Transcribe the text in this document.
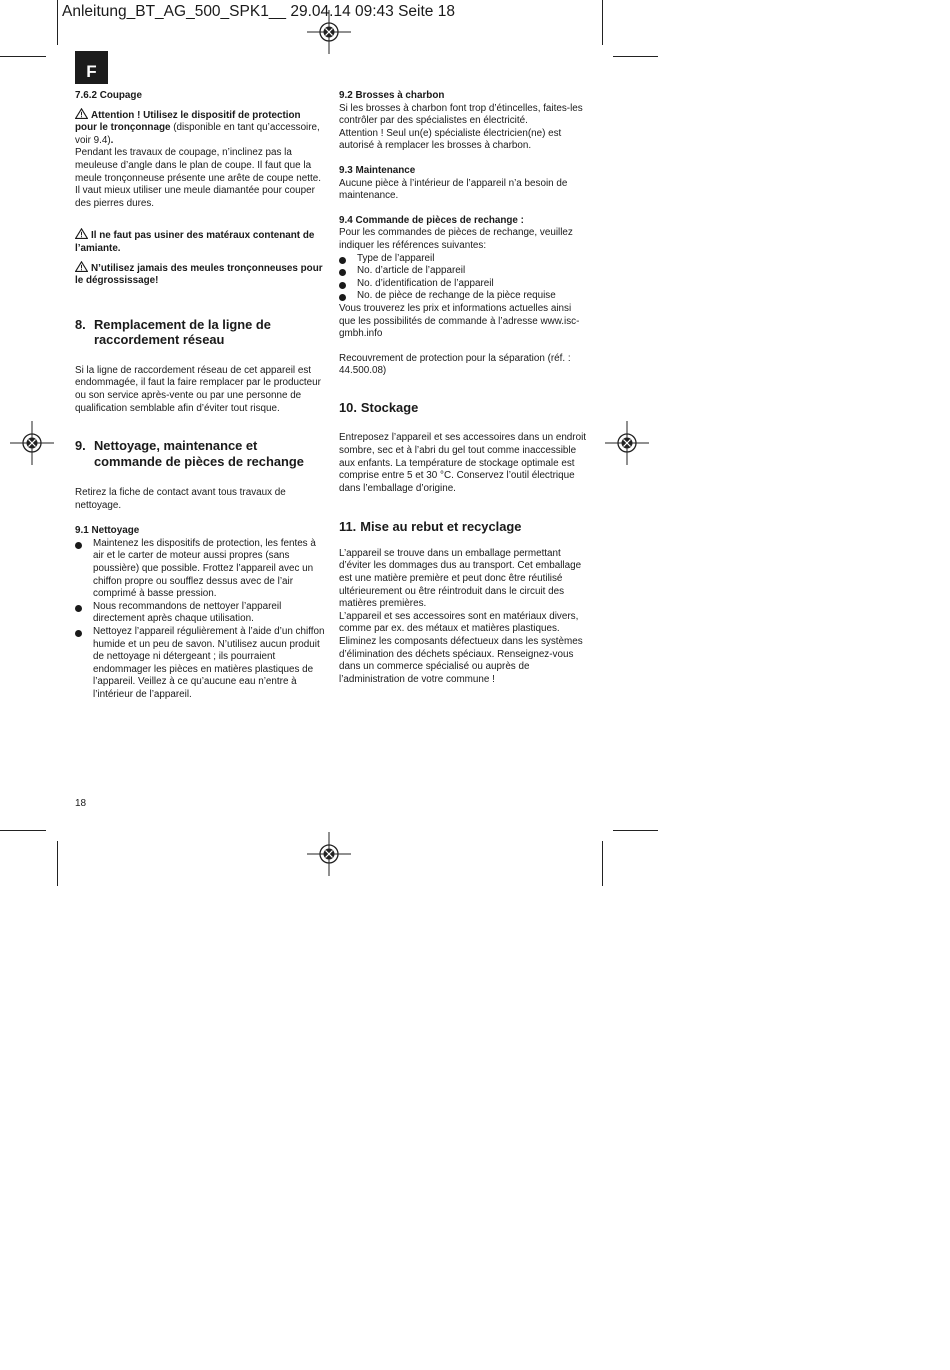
Anleitung_BT_AG_500_SPK1__ 29.04.14 09:43 Seite 18
F

7.6.2 Coupage

Attention ! Utilisez le dispositif de protection pour le tronçonnage (disponible en tant qu’accessoire, voir 9.4).

Pendant les travaux de coupage, n’inclinez pas la meuleuse d’angle dans le plan de coupe. Il faut que la meule tronçonneuse présente une arête de coupe nette.

Il vaut mieux utiliser une meule diamantée pour couper des pierres dures.

Il ne faut pas usiner des matéraux contenant de l’amiante.

N’utilisez jamais des meules tronçonneuses pour le dégrossissage!

8. Remplacement de la ligne de raccordement réseau

Si la ligne de raccordement réseau de cet appareil est endommagée, il faut la faire remplacer par le producteur ou son service après-vente ou par une personne de qualification semblable afin d’éviter tout risque.

9. Nettoyage, maintenance et commande de pièces de rechange

Retirez la fiche de contact avant tous travaux de nettoyage.

9.1 Nettoyage

Maintenez les dispositifs de protection, les fentes à air et le carter de moteur aussi propres (sans poussière) que possible. Frottez l’appareil avec un chiffon propre ou soufflez dessus avec de l’air comprimé à basse pression.
Nous recommandons de nettoyer l’appareil directement après chaque utilisation.
Nettoyez l’appareil régulièrement à l’aide d’un chiffon humide et un peu de savon. N’utilisez aucun produit de nettoyage ni détergeant ; ils pourraient endommager les pièces en matières plastiques de l’appareil. Veillez à ce qu’aucune eau n’entre à l’intérieur de l’appareil.

9.2 Brosses à charbon

Si les brosses à charbon font trop d’étincelles, faites-les contrôler par des spécialistes en électricité.

Attention ! Seul un(e) spécialiste électricien(ne) est autorisé à remplacer les brosses à charbon.

9.3 Maintenance

Aucune pièce à l’intérieur de l’appareil n’a besoin de maintenance.

9.4 Commande de pièces de rechange :

Pour les commandes de pièces de rechange, veuillez indiquer les références suivantes:

Type de l’appareil
No. d’article de l’appareil
No. d’identification de l’appareil
No. de pièce de rechange de la pièce requise

Vous trouverez les prix et informations actuelles ainsi que les possibilités de commande à l’adresse www.isc-gmbh.info

Recouvrement de protection pour la séparation (réf. : 44.500.08)

10. Stockage

Entreposez l’appareil et ses accessoires dans un endroit sombre, sec et à l’abri du gel tout comme inaccessible aux enfants. La température de stockage optimale est comprise entre 5 et 30 °C. Conservez l’outil électrique dans l’emballage d’origine.

11. Mise au rebut et recyclage

L’appareil se trouve dans un emballage permettant d’éviter les dommages dus au transport. Cet emballage est une matière première et peut donc être réutilisé ultérieurement ou être réintroduit dans le circuit des matières premières.

L’appareil et ses accessoires sont en matériaux divers, comme par ex. des métaux et matières plastiques. Eliminez les composants défectueux dans les systèmes d’élimination des déchets spéciaux. Renseignez-vous dans un commerce spécialisé ou auprès de l’administration de votre commune !

18
